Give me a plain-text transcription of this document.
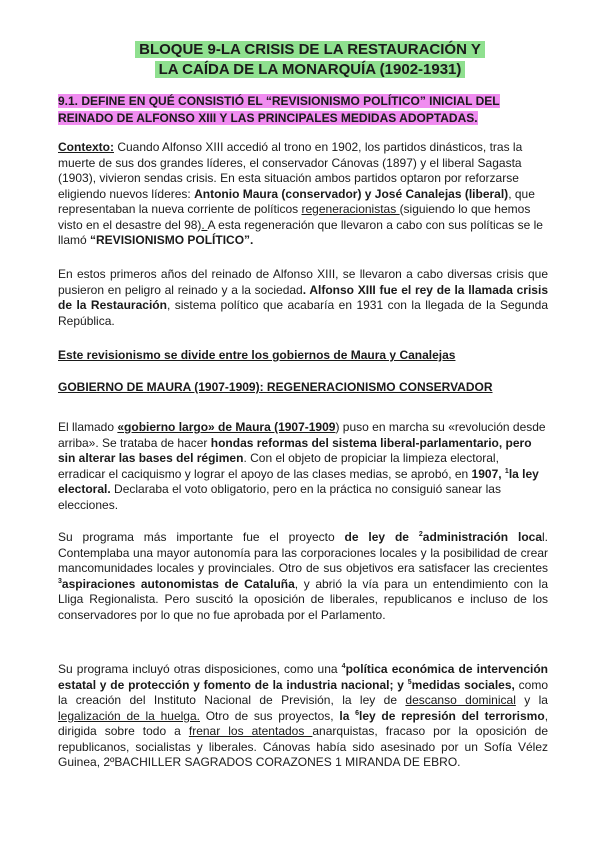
BLOQUE 9-LA CRISIS DE LA RESTAURACIÓN Y
LA CAÍDA DE LA MONARQUÍA (1902-1931)
9.1. DEFINE EN QUÉ CONSISTIÓ EL “REVISIONISMO POLÍTICO” INICIAL DEL
REINADO DE ALFONSO XIII Y LAS PRINCIPALES MEDIDAS ADOPTADAS.

Contexto: Cuando Alfonso XIII accedió al trono en 1902, los partidos dinásticos, tras la muerte de sus dos grandes líderes, el conservador Cánovas (1897) y el liberal Sagasta (1903), vivieron sendas crisis. En esta situación ambos partidos optaron por reforzarse eligiendo nuevos líderes: Antonio Maura (conservador) y José Canalejas (liberal), que representaban la nueva corriente de políticos regeneracionistas (siguiendo lo que hemos visto en el desastre del 98). A esta regeneración que llevaron a cabo con sus políticas se le llamó “REVISIONISMO POLÍTICO”.

En estos primeros años del reinado de Alfonso XIII, se llevaron a cabo diversas crisis que pusieron en peligro al reinado y a la sociedad. Alfonso XIII fue el rey de la llamada crisis de la Restauración, sistema político que acabaría en 1931 con la llegada de la Segunda República.

Este revisionismo se divide entre los gobiernos de Maura y Canalejas

GOBIERNO DE MAURA (1907-1909): REGENERACIONISMO CONSERVADOR

El llamado «gobierno largo» de Maura (1907-1909) puso en marcha su «revolución desde arriba». Se trataba de hacer hondas reformas del sistema liberal-parlamentario, pero sin alterar las bases del régimen. Con el objeto de propiciar la limpieza electoral, erradicar el caciquismo y lograr el apoyo de las clases medias, se aprobó, en 1907, $^1$la ley electoral. Declaraba el voto obligatorio, pero en la práctica no consiguió sanear las elecciones.

Su programa más importante fue el proyecto de ley de $^2$administración local. Contemplaba una mayor autonomía para las corporaciones locales y la posibilidad de crear mancomunidades locales y provinciales. Otro de sus objetivos era satisfacer las crecientes $^3$aspiraciones autonomistas de Cataluña, y abrió la vía para un entendimiento con la Lliga Regionalista. Pero suscitó la oposición de liberales, republicanos e incluso de los conservadores por lo que no fue aprobada por el Parlamento.

Su programa incluyó otras disposiciones, como una $^4$política económica de intervención estatal y de protección y fomento de la industria nacional; y $^5$medidas sociales, como la creación del Instituto Nacional de Previsión, la ley de descanso dominical y la legalización de la huelga. Otro de sus proyectos, la $^6$ley de represión del terrorismo, dirigida sobre todo a frenar los atentados anarquistas, fracaso por la oposición de republicanos, socialistas y liberales. Cánovas había sido asesinado por un Sofía Vélez Guinea, 2ºBACHILLER SAGRADOS CORAZONES 1 MIRANDA DE EBRO.
